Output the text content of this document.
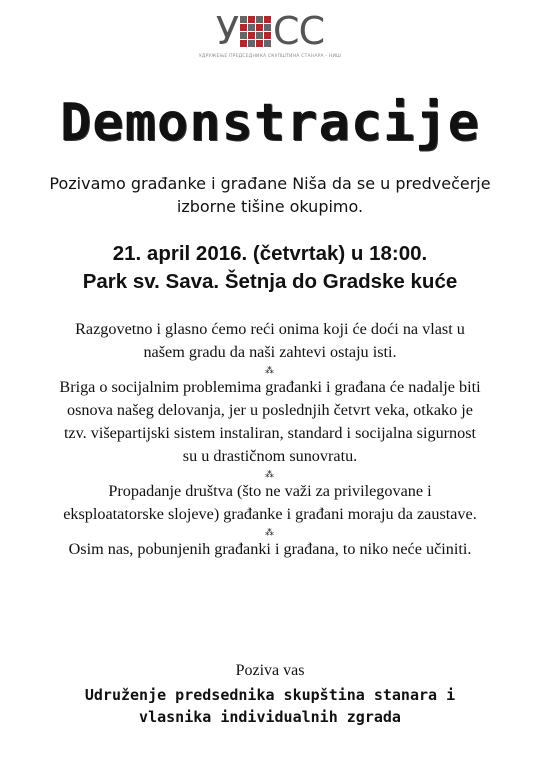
У СС
УДРУЖЕЊЕ ПРЕДСЕДНИКА СКУПШТИНА СТАНАРА - НИШ
Demonstracije
Pozivamo građanke i građane Niša da se u predvečerje
izborne tišine okupimo.
21. april 2016. (četvrtak) u 18:00.
Park sv. Sava. Šetnja do Gradske kuće

Razgovetno i glasno ćemo reći onima koji će doći na vlast u
našem gradu da naši zahtevi ostaju isti.

⁂

Briga o socijalnim problemima građanki i građana će nadalje biti
osnova našeg delovanja, jer u poslednjih četvrt veka, otkako je
tzv. višepartijski sistem instaliran, standard i socijalna sigurnost
su u drastičnom sunovratu.

⁂

Propadanje društva (što ne važi za privilegovane i
eksploatatorske slojeve) građanke i građani moraju da zaustave.

⁂

Osim nas, pobunjenih građanki i građana, to niko neće učiniti.

Poziva vas
Udruženje predsednika skupština stanara i
vlasnika individualnih zgrada
